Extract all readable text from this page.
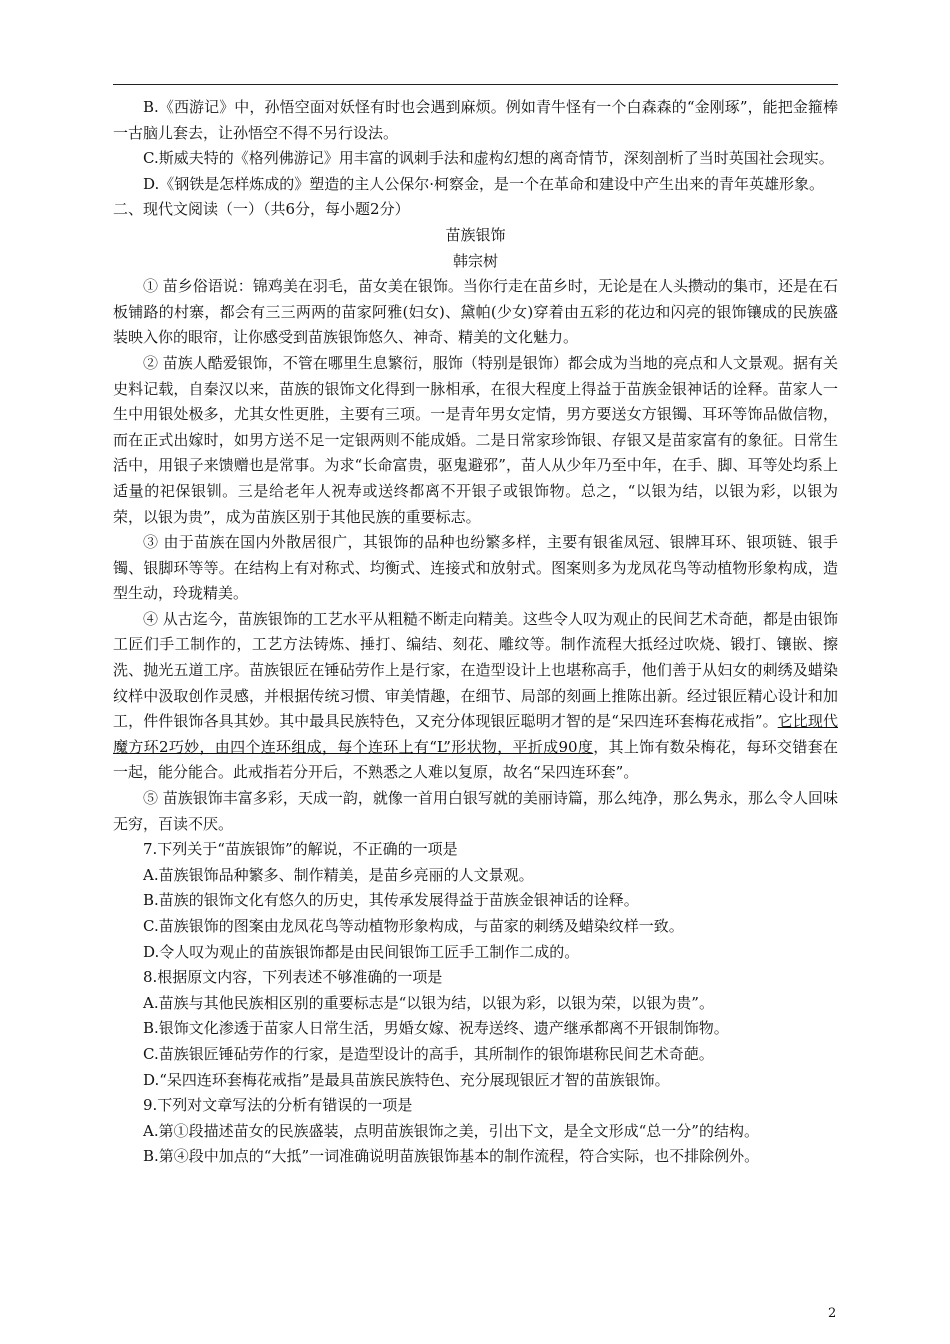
B.《西游记》中，孙悟空面对妖怪有时也会遇到麻烦。例如青牛怪有一个白森森的“金刚琢”，能把金箍棒一古脑儿套去，让孙悟空不得不另行设法。

C.斯威夫特的《格列佛游记》用丰富的讽刺手法和虚构幻想的离奇情节，深刻剖析了当时英国社会现实。

D.《钢铁是怎样炼成的》塑造的主人公保尔·柯察金，是一个在革命和建设中产生出来的青年英雄形象。

二、现代文阅读（一）（共6分，每小题2分）

苗族银饰

韩宗树

① 苗乡俗语说：锦鸡美在羽毛，苗女美在银饰。当你行走在苗乡时，无论是在人头攒动的集市，还是在石板铺路的村寨，都会有三三两两的苗家阿雅(妇女)、黛帕(少女)穿着由五彩的花边和闪亮的银饰镶成的民族盛装映入你的眼帘，让你感受到苗族银饰悠久、神奇、精美的文化魅力。

② 苗族人酷爱银饰，不管在哪里生息繁衍，服饰（特别是银饰）都会成为当地的亮点和人文景观。据有关史料记载，自秦汉以来，苗族的银饰文化得到一脉相承，在很大程度上得益于苗族金银神话的诠释。苗家人一生中用银处极多，尤其女性更胜，主要有三项。一是青年男女定情，男方要送女方银镯、耳环等饰品做信物，而在正式出嫁时，如男方送不足一定银两则不能成婚。二是日常家珍饰银、存银又是苗家富有的象征。日常生活中，用银子来馈赠也是常事。为求“长命富贵，驱鬼避邪”，苗人从少年乃至中年，在手、脚、耳等处均系上适量的祀保银钏。三是给老年人祝寿或送终都离不开银子或银饰物。总之，“以银为结，以银为彩，以银为荣，以银为贵”，成为苗族区别于其他民族的重要标志。

③ 由于苗族在国内外散居很广，其银饰的品种也纷繁多样，主要有银雀凤冠、银牌耳环、银项链、银手镯、银脚环等等。在结构上有对称式、均衡式、连接式和放射式。图案则多为龙凤花鸟等动植物形象构成，造型生动，玲珑精美。

④ 从古迄今，苗族银饰的工艺水平从粗糙不断走向精美。这些令人叹为观止的民间艺术奇葩，都是由银饰工匠们手工制作的，工艺方法铸炼、捶打、编结、刻花、雕纹等。制作流程大抵经过吹烧、锻打、镶嵌、擦洗、抛光五道工序。苗族银匠在锤砧劳作上是行家，在造型设计上也堪称高手，他们善于从妇女的刺绣及蜡染纹样中汲取创作灵感，并根据传统习惯、审美情趣，在细节、局部的刻画上推陈出新。经过银匠精心设计和加工，件件银饰各具其妙。其中最具民族特色，又充分体现银匠聪明才智的是“呆四连环套梅花戒指”。它比现代魔方环2巧妙，由四个连环组成，每个连环上有“L”形状物，平折成90度，其上饰有数朵梅花，每环交错套在一起，能分能合。此戒指若分开后，不熟悉之人难以复原，故名“呆四连环套”。

⑤ 苗族银饰丰富多彩，天成一韵，就像一首用白银写就的美丽诗篇，那么纯净，那么隽永，那么令人回味无穷，百读不厌。

7.下列关于“苗族银饰”的解说，不正确的一项是

A.苗族银饰品种繁多、制作精美，是苗乡亮丽的人文景观。

B.苗族的银饰文化有悠久的历史，其传承发展得益于苗族金银神话的诠释。

C.苗族银饰的图案由龙凤花鸟等动植物形象构成，与苗家的刺绣及蜡染纹样一致。

D.令人叹为观止的苗族银饰都是由民间银饰工匠手工制作二成的。

8.根据原文内容，下列表述不够准确的一项是

A.苗族与其他民族相区别的重要标志是“以银为结，以银为彩，以银为荣，以银为贵”。

B.银饰文化渗透于苗家人日常生活，男婚女嫁、祝寿送终、遗产继承都离不开银制饰物。

C.苗族银匠锤砧劳作的行家，是造型设计的高手，其所制作的银饰堪称民间艺术奇葩。

D.“呆四连环套梅花戒指”是最具苗族民族特色、充分展现银匠才智的苗族银饰。

9.下列对文章写法的分析有错误的一项是

A.第①段描述苗女的民族盛装，点明苗族银饰之美，引出下文，是全文形成“总一分”的结构。

B.第④段中加点的“大抵”一词准确说明苗族银饰基本的制作流程，符合实际，也不排除例外。

2
